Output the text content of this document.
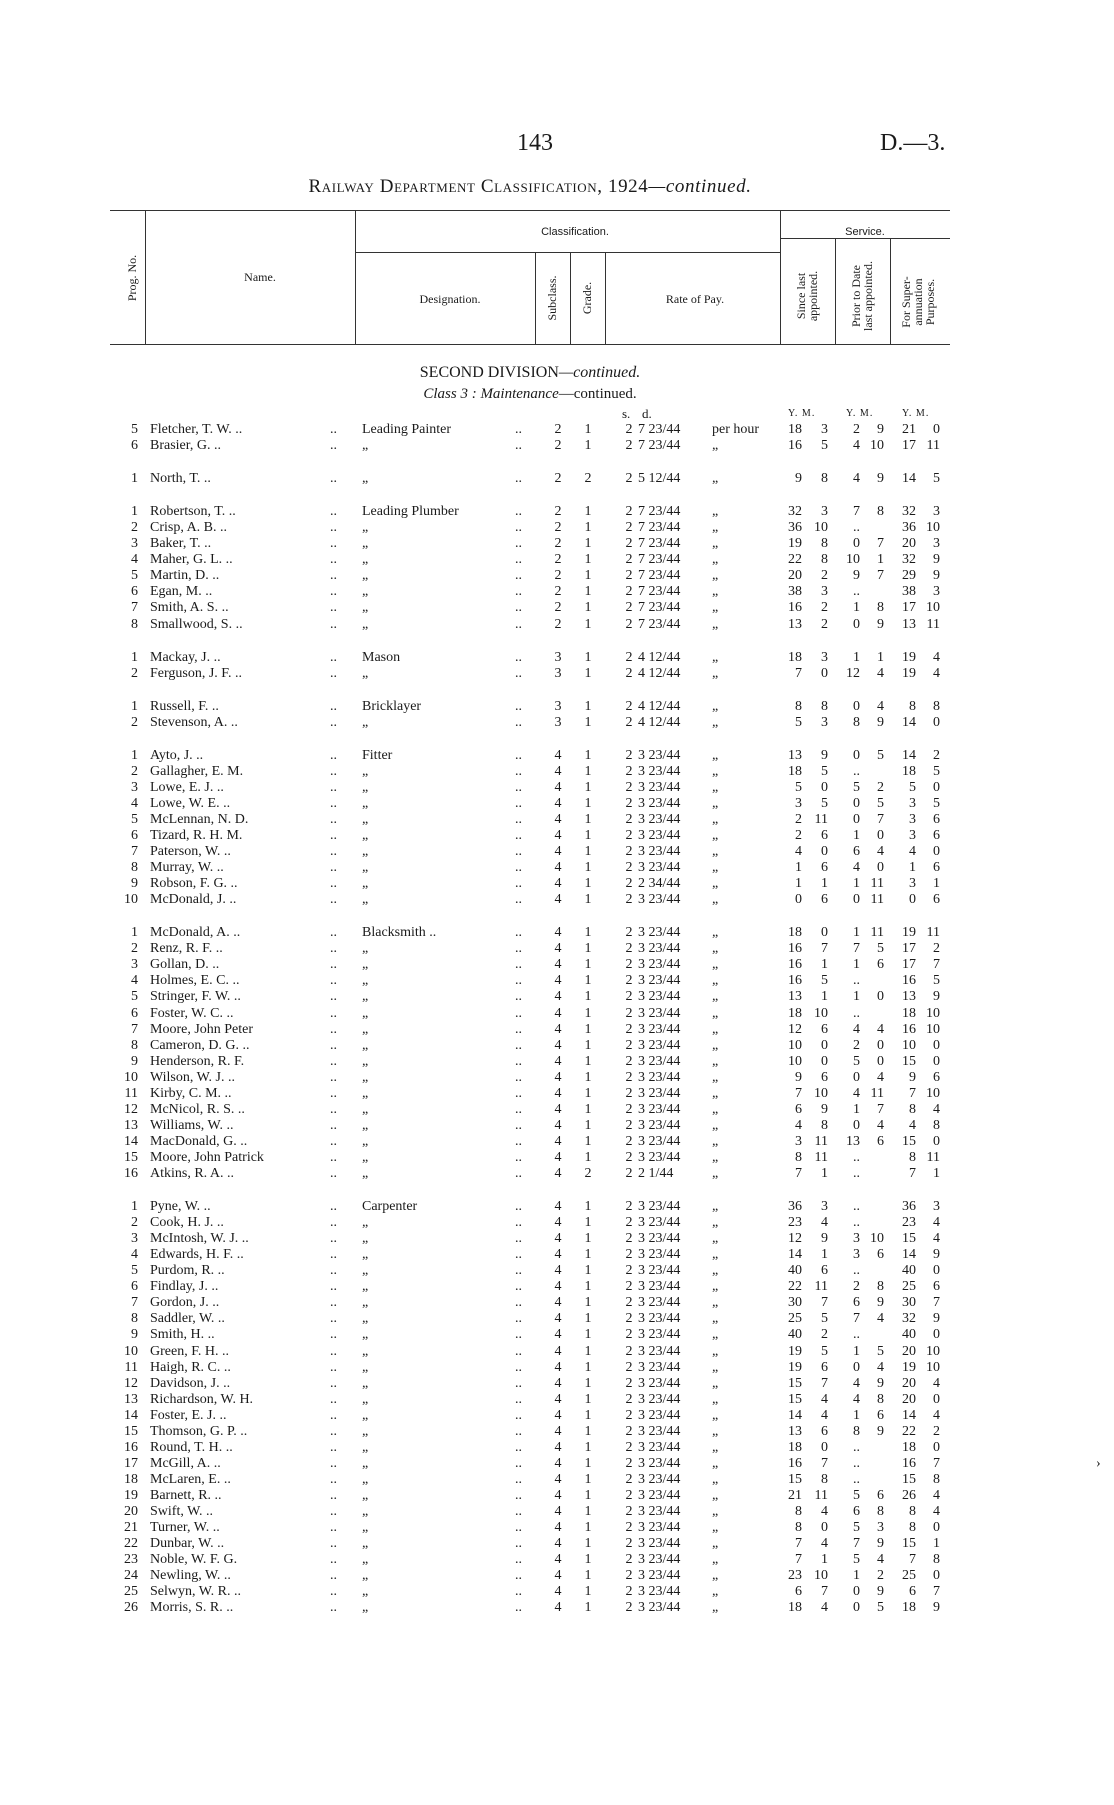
143	D.—3.
Railway Department Classification, 1924—continued.
Classification.	Service.
Name.
Designation.	Rate of Pay.
Prog. No.	Subclass. Grade.	Since last appointed. Prior to Date last appointed. For Super-annuation Purposes.
SECOND DIVISION—continued.
Class 3 : Maintenance—continued.
s. d.	Y. M.	Y. M.	Y. M.
5 Fletcher, T. W. ..	.. Leading Painter	..	2	1	2 7 23/44	per hour	18	3	2	9	21	0
6 Brasier, G. ..	.. „	..	2	1	2 7 23/44	„	16	5	4 10	17 11
1 North, T. ..	.. „	..	2	2	2 5 12/44	„	9	8	4	9	14	5
1 Robertson, T. ..	.. Leading Plumber	..	2	1	2 7 23/44	„	32	3	7	8	32	3
2 Crisp, A. B. ..	.. „	..	2	1	2 7 23/44	„	36 10	..	36 10
3 Baker, T. ..	.. „	..	2	1	2 7 23/44	„	19	8	0	7	20	3
4 Maher, G. L. ..	.. „	..	2	1	2 7 23/44	„	22	8	10	1	32	9
5 Martin, D. ..	.. „	..	2	1	2 7 23/44	„	20	2	9	7	29	9
6 Egan, M. ..	.. „	..	2	1	2 7 23/44	„	38	3	..	38	3
7 Smith, A. S. ..	.. „	..	2	1	2 7 23/44	„	16	2	1	8	17 10
8 Smallwood, S. ..	.. „	..	2	1	2 7 23/44	„	13	2	0	9	13 11
1 Mackay, J. ..	.. Mason	..	3	1	2 4 12/44	„	18	3	1	1	19	4
2 Ferguson, J. F. ..	.. „	..	3	1	2 4 12/44	„	7	0	12	4	19	4
1 Russell, F. ..	.. Bricklayer	..	3	1	2 4 12/44	„	8	8	0	4	8	8
2 Stevenson, A. ..	.. „	..	3	1	2 4 12/44	„	5	3	8	9	14	0
1 Ayto, J. ..	.. Fitter	..	4	1	2 3 23/44	„	13	9	0	5	14	2
2 Gallagher, E. M.	.. „	..	4	1	2 3 23/44	„	18	5	..	18	5
3 Lowe, E. J. ..	.. „	..	4	1	2 3 23/44	„	5	0	5	2	5	0
4 Lowe, W. E. ..	.. „	..	4	1	2 3 23/44	„	3	5	0	5	3	5
5 McLennan, N. D.	.. „	..	4	1	2 3 23/44	„	2 11	0	7	3	6
6 Tizard, R. H. M.	.. „	..	4	1	2 3 23/44	„	2	6	1	0	3	6
7 Paterson, W. ..	.. „	..	4	1	2 3 23/44	„	4	0	6	4	4	0
8 Murray, W. ..	.. „	..	4	1	2 3 23/44	„	1	6	4	0	1	6
9 Robson, F. G. ..	.. „	..	4	1	2 2 34/44	„	1	1	1 11	3	1
10 McDonald, J. ..	.. „	..	4	1	2 3 23/44	„	0	6	0 11	0	6
1 McDonald, A. ..	.. Blacksmith ..	..	4	1	2 3 23/44	„	18	0	1 11	19 11
2 Renz, R. F. ..	.. „	..	4	1	2 3 23/44	„	16	7	7	5	17	2
3 Gollan, D. ..	.. „	..	4	1	2 3 23/44	„	16	1	1	6	17	7
4 Holmes, E. C. ..	.. „	..	4	1	2 3 23/44	„	16	5	..	16	5
5 Stringer, F. W. ..	.. „	..	4	1	2 3 23/44	„	13	1	1	0	13	9
6 Foster, W. C. ..	.. „	..	4	1	2 3 23/44	„	18 10	..	18 10
7 Moore, John Peter	.. „	..	4	1	2 3 23/44	„	12	6	4	4	16 10
8 Cameron, D. G. ..	.. „	..	4	1	2 3 23/44	„	10	0	2	0	10	0
9 Henderson, R. F.	.. „	..	4	1	2 3 23/44	„	10	0	5	0	15	0
10 Wilson, W. J. ..	.. „	..	4	1	2 3 23/44	„	9	6	0	4	9	6
11 Kirby, C. M. ..	.. „	..	4	1	2 3 23/44	„	7 10	4 11	7 10
12 McNicol, R. S. ..	.. „	..	4	1	2 3 23/44	„	6	9	1	7	8	4
13 Williams, W. ..	.. „	..	4	1	2 3 23/44	„	4	8	0	4	4	8
14 MacDonald, G. ..	.. „	..	4	1	2 3 23/44	„	3 11	13	6	15	0
15 Moore, John Patrick	.. „	..	4	1	2 3 23/44	„	8 11	..	8 11
16 Atkins, R. A. ..	.. „	..	4	2	2 2 1/44	„	7	1	..	7	1
1 Pyne, W. ..	.. Carpenter	..	4	1	2 3 23/44	„	36	3	..	36	3
2 Cook, H. J. ..	.. „	..	4	1	2 3 23/44	„	23	4	..	23	4
3 McIntosh, W. J. ..	.. „	..	4	1	2 3 23/44	„	12	9	3 10	15	4
4 Edwards, H. F. ..	.. „	..	4	1	2 3 23/44	„	14	1	3	6	14	9
5 Purdom, R. ..	.. „	..	4	1	2 3 23/44	„	40	6	..	40	0
6 Findlay, J. ..	.. „	..	4	1	2 3 23/44	„	22 11	2	8	25	6
7 Gordon, J. ..	.. „	..	4	1	2 3 23/44	„	30	7	6	9	30	7
8 Saddler, W. ..	.. „	..	4	1	2 3 23/44	„	25	5	7	4	32	9
9 Smith, H. ..	.. „	..	4	1	2 3 23/44	„	40	2	..	40	0
10 Green, F. H. ..	.. „	..	4	1	2 3 23/44	„	19	5	1	5	20 10
11 Haigh, R. C. ..	.. „	..	4	1	2 3 23/44	„	19	6	0	4	19 10
12 Davidson, J. ..	.. „	..	4	1	2 3 23/44	„	15	7	4	9	20	4
13 Richardson, W. H.	.. „	..	4	1	2 3 23/44	„	15	4	4	8	20	0
14 Foster, E. J. ..	.. „	..	4	1	2 3 23/44	„	14	4	1	6	14	4
15 Thomson, G. P. ..	.. „	..	4	1	2 3 23/44	„	13	6	8	9	22	2
16 Round, T. H. ..	.. „	..	4	1	2 3 23/44	„	18	0	..	18	0
17 McGill, A. ..	.. „	..	4	1	2 3 23/44	„	16	7	..	16	7
18 McLaren, E. ..	.. „	..	4	1	2 3 23/44	„	15	8	..	15	8
19 Barnett, R. ..	.. „	..	4	1	2 3 23/44	„	21 11	5	6	26	4
20 Swift, W. ..	.. „	..	4	1	2 3 23/44	„	8	4	6	8	8	4
21 Turner, W. ..	.. „	..	4	1	2 3 23/44	„	8	0	5	3	8	0
22 Dunbar, W. ..	.. „	..	4	1	2 3 23/44	„	7	4	7	9	15	1
23 Noble, W. F. G.	.. „	..	4	1	2 3 23/44	„	7	1	5	4	7	8
24 Newling, W. ..	.. „	..	4	1	2 3 23/44	„	23 10	1	2	25	0
25 Selwyn, W. R. ..	.. „	..	4	1	2 3 23/44	„	6	7	0	9	6	7
26 Morris, S. R. ..	.. „	..	4	1	2 3 23/44	„	18	4	0	5	18	9
›
